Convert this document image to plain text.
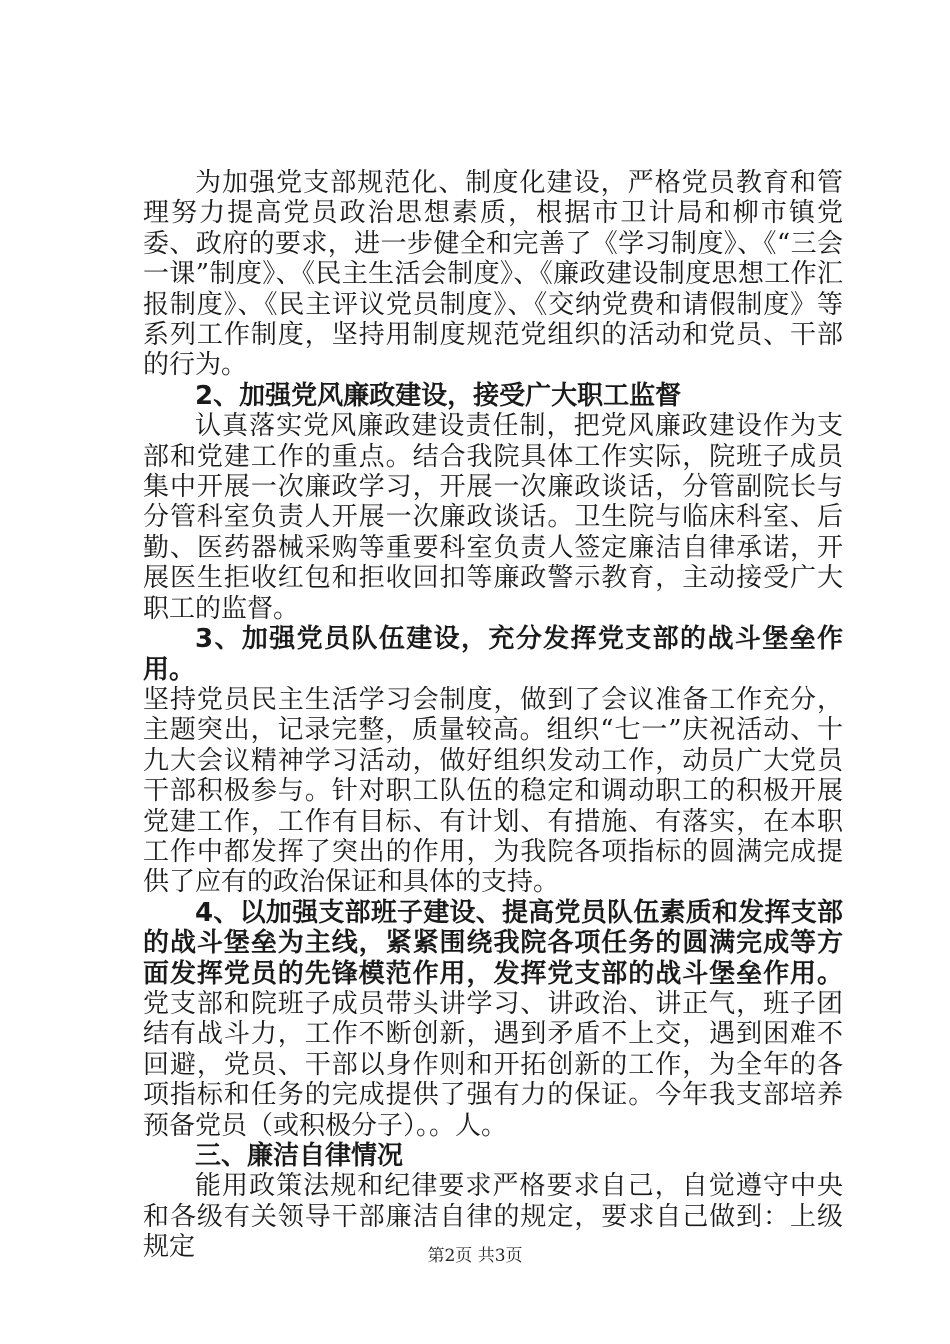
为加强党支部规范化、制度化建设，严格党员教育和管理努力提高党员政治思想素质，根据市卫计局和柳市镇党委、政府的要求，进一步健全和完善了《学习制度》、《“三会一课”制度》、《民主生活会制度》、《廉政建设制度思想工作汇报制度》、《民主评议党员制度》、《交纳党费和请假制度》等系列工作制度，坚持用制度规范党组织的活动和党员、干部的行为。

2、加强党风廉政建设，接受广大职工监督

认真落实党风廉政建设责任制，把党风廉政建设作为支部和党建工作的重点。结合我院具体工作实际，院班子成员集中开展一次廉政学习，开展一次廉政谈话，分管副院长与分管科室负责人开展一次廉政谈话。卫生院与临床科室、后勤、医药器械采购等重要科室负责人签定廉洁自律承诺，开展医生拒收红包和拒收回扣等廉政警示教育，主动接受广大职工的监督。

3、加强党员队伍建设，充分发挥党支部的战斗堡垒作用。

坚持党员民主生活学习会制度，做到了会议准备工作充分，主题突出，记录完整，质量较高。组织“七一”庆祝活动、十九大会议精神学习活动，做好组织发动工作，动员广大党员干部积极参与。针对职工队伍的稳定和调动职工的积极开展党建工作，工作有目标、有计划、有措施、有落实，在本职工作中都发挥了突出的作用，为我院各项指标的圆满完成提供了应有的政治保证和具体的支持。

4、以加强支部班子建设、提高党员队伍素质和发挥支部的战斗堡垒为主线，紧紧围绕我院各项任务的圆满完成等方面发挥党员的先锋模范作用，发挥党支部的战斗堡垒作用。党支部和院班子成员带头讲学习、讲政治、讲正气，班子团结有战斗力，工作不断创新，遇到矛盾不上交，遇到困难不回避，党员、干部以身作则和开拓创新的工作，为全年的各项指标和任务的完成提供了强有力的保证。今年我支部培养预备党员（或积极分子）。。人。

三、廉洁自律情况

能用政策法规和纪律要求严格要求自己，自觉遵守中央和各级有关领导干部廉洁自律的规定，要求自己做到：上级规定	第2页 共3页
